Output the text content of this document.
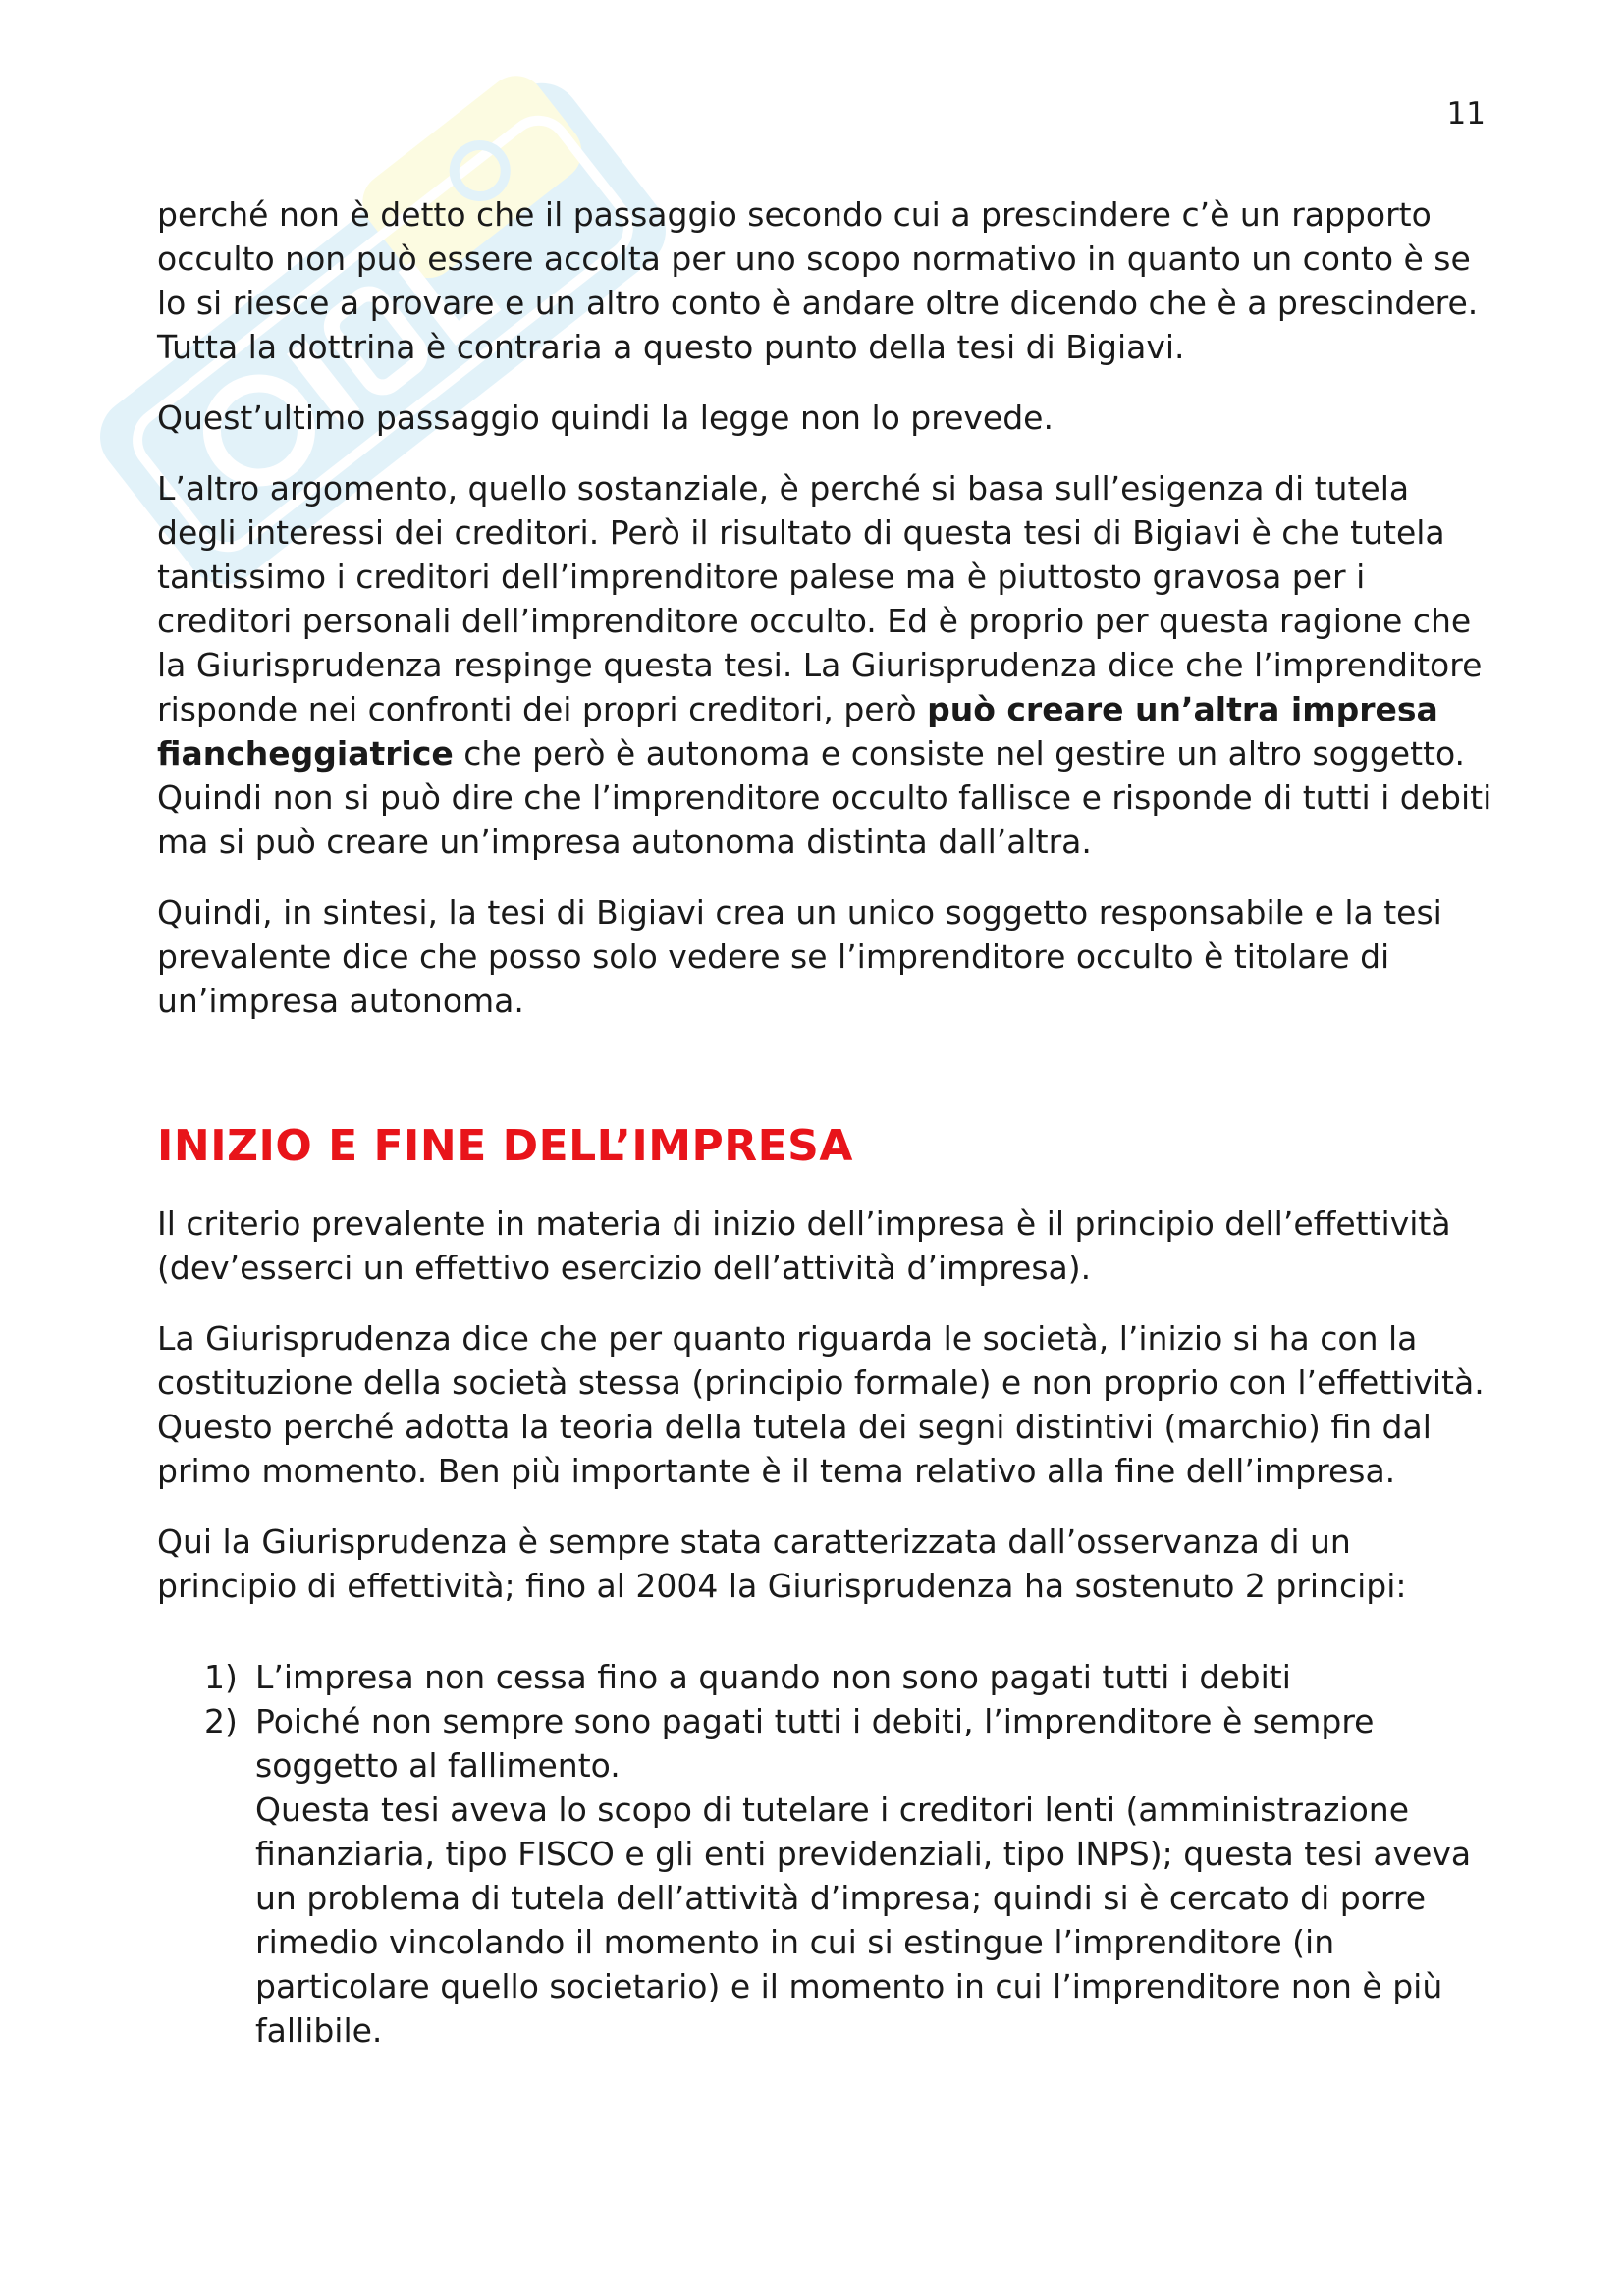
11

perché non è detto che il passaggio secondo cui a prescindere c’è un rapporto occulto non può essere accolta per uno scopo normativo in quanto un conto è se lo si riesce a provare e un altro conto è andare oltre dicendo che è a prescindere. Tutta la dottrina è contraria a questo punto della tesi di Bigiavi.

Quest’ultimo passaggio quindi la legge non lo prevede.

L’altro argomento, quello sostanziale, è perché si basa sull’esigenza di tutela degli interessi dei creditori. Però il risultato di questa tesi di Bigiavi è che tutela tantissimo i creditori dell’imprenditore palese ma è piuttosto gravosa per i creditori personali dell’imprenditore occulto. Ed è proprio per questa ragione che la Giurisprudenza respinge questa tesi. La Giurisprudenza dice che l’imprenditore risponde nei confronti dei propri creditori, però può creare un’altra impresa fiancheggiatrice che però è autonoma e consiste nel gestire un altro soggetto. Quindi non si può dire che l’imprenditore occulto fallisce e risponde di tutti i debiti ma si può creare un’impresa autonoma distinta dall’altra.

Quindi, in sintesi, la tesi di Bigiavi crea un unico soggetto responsabile e la tesi prevalente dice che posso solo vedere se l’imprenditore occulto è titolare di un’impresa autonoma.

INIZIO E FINE DELL’IMPRESA

Il criterio prevalente in materia di inizio dell’impresa è il principio dell’effettività (dev’esserci un effettivo esercizio dell’attività d’impresa).

La Giurisprudenza dice che per quanto riguarda le società, l’inizio si ha con la costituzione della società stessa (principio formale) e non proprio con l’effettività. Questo perché adotta la teoria della tutela dei segni distintivi (marchio) fin dal primo momento. Ben più importante è il tema relativo alla fine dell’impresa.

Qui la Giurisprudenza è sempre stata caratterizzata dall’osservanza di un principio di effettività; fino al 2004 la Giurisprudenza ha sostenuto 2 principi:

1) L’impresa non cessa fino a quando non sono pagati tutti i debiti
2) Poiché non sempre sono pagati tutti i debiti, l’imprenditore è sempre soggetto al fallimento.
Questa tesi aveva lo scopo di tutelare i creditori lenti (amministrazione finanziaria, tipo FISCO e gli enti previdenziali, tipo INPS); questa tesi aveva un problema di tutela dell’attività d’impresa; quindi si è cercato di porre rimedio vincolando il momento in cui si estingue l’imprenditore (in particolare quello societario) e il momento in cui l’imprenditore non è più fallibile.
